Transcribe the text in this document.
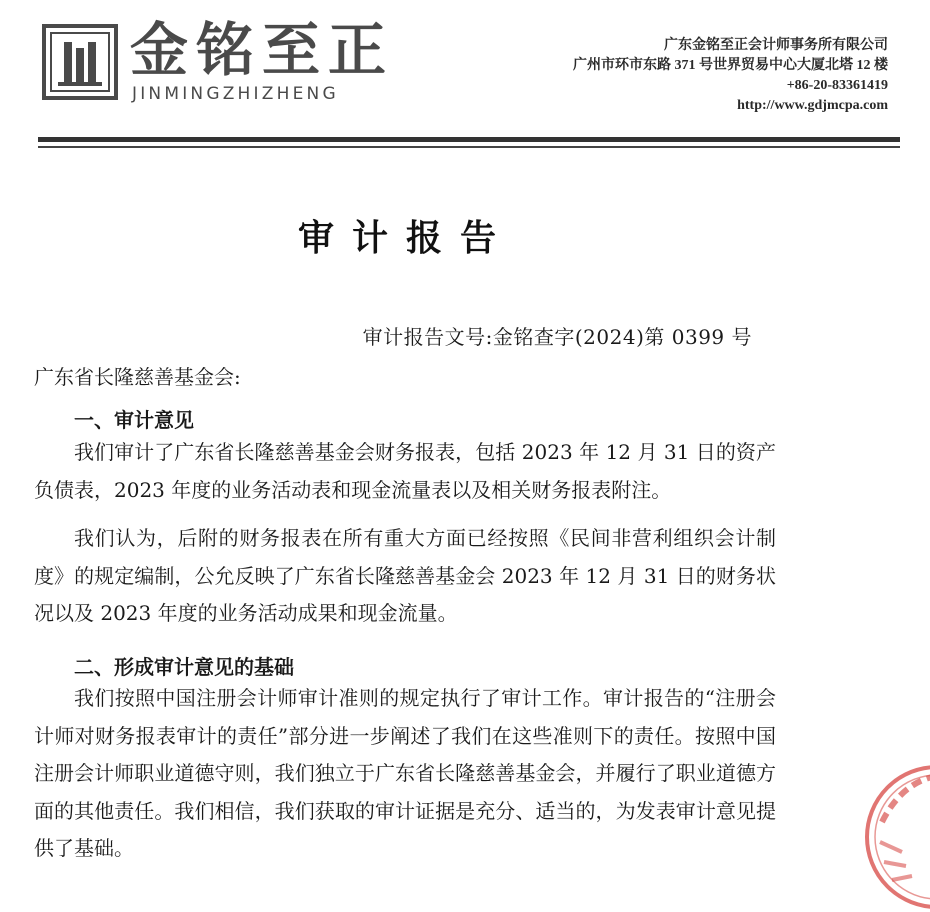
金铭至正
JINMINGZHIZHENG
广东金铭至正会计师事务所有限公司
广州市环市东路 371 号世界贸易中心大厦北塔 12 楼
+86-20-83361419
http://www.gdjmcpa.com
审计报告
审计报告文号:金铭查字(2024)第 0399 号
广东省长隆慈善基金会:
一、审计意见
我们审计了广东省长隆慈善基金会财务报表，包括 2023 年 12 月 31 日的资产负债表，2023 年度的业务活动表和现金流量表以及相关财务报表附注。
我们认为，后附的财务报表在所有重大方面已经按照《民间非营利组织会计制度》的规定编制，公允反映了广东省长隆慈善基金会 2023 年 12 月 31 日的财务状况以及 2023 年度的业务活动成果和现金流量。
二、形成审计意见的基础
我们按照中国注册会计师审计准则的规定执行了审计工作。审计报告的“注册会计师对财务报表审计的责任”部分进一步阐述了我们在这些准则下的责任。按照中国注册会计师职业道德守则，我们独立于广东省长隆慈善基金会，并履行了职业道德方面的其他责任。我们相信，我们获取的审计证据是充分、适当的，为发表审计意见提供了基础。
